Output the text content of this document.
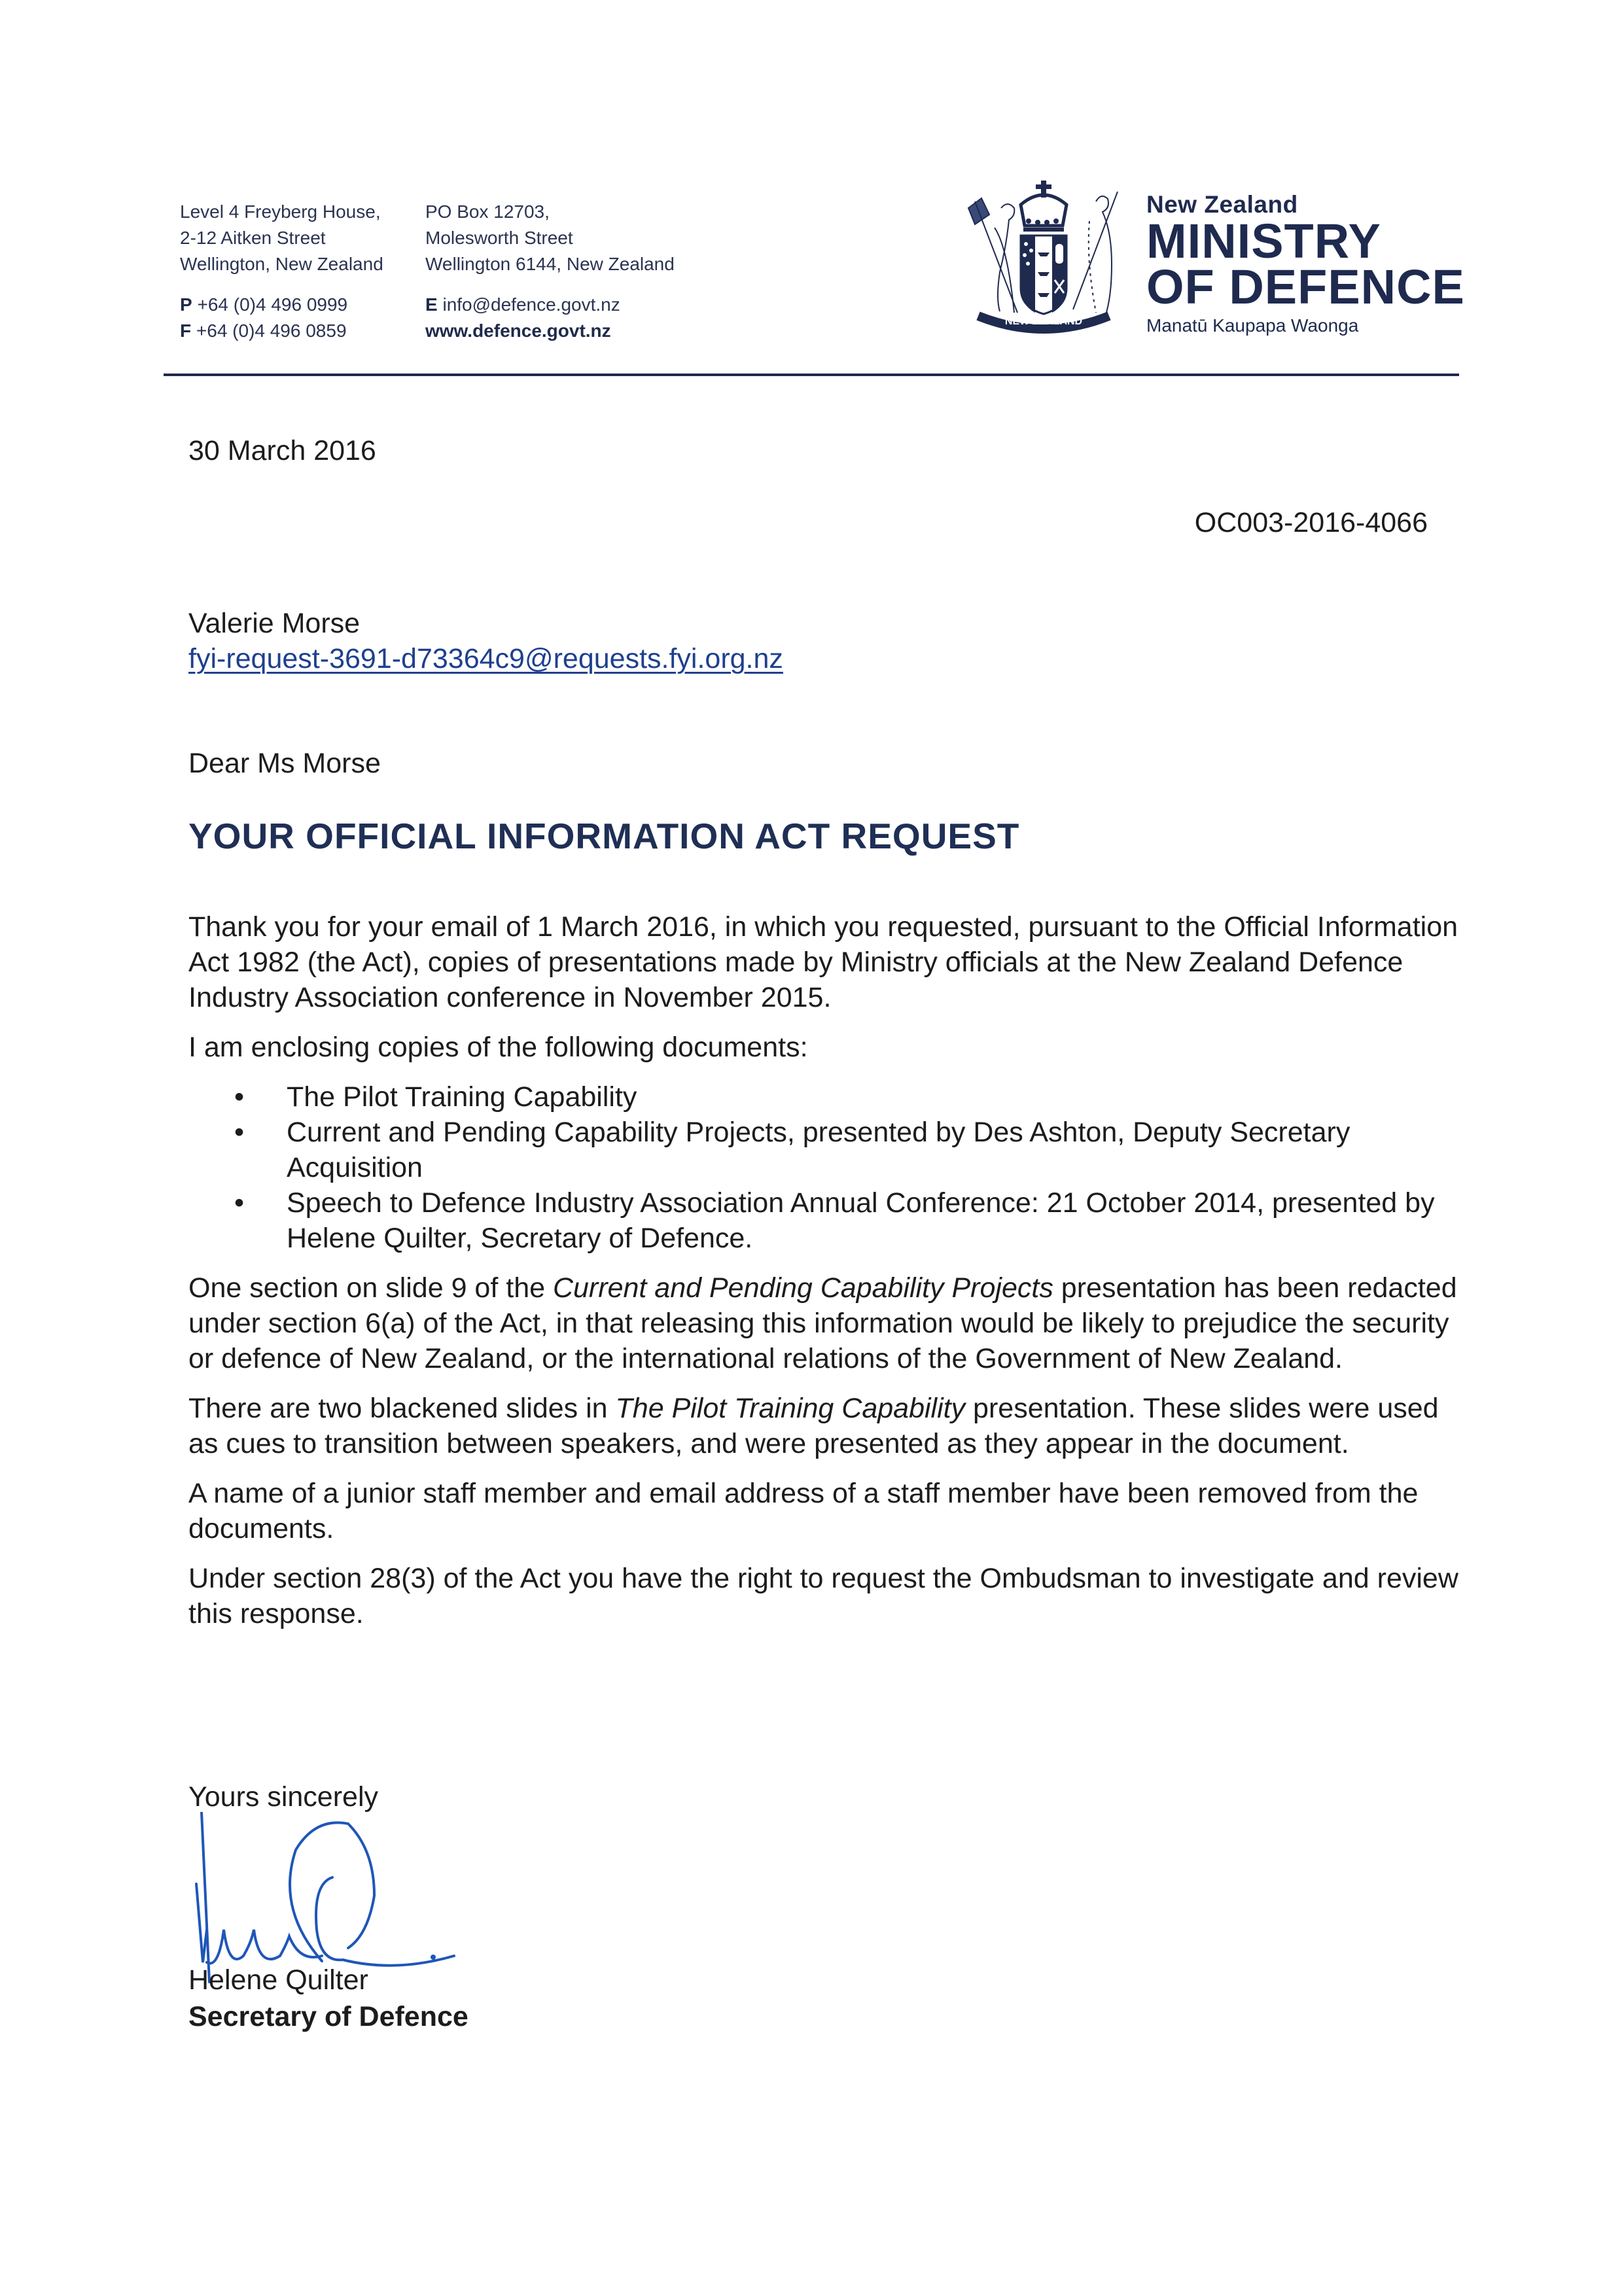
Level 4 Freyberg House,
2-12 Aitken Street
Wellington, New Zealand
P +64 (0)4 496 0999
F +64 (0)4 496 0859
PO Box 12703,
Molesworth Street
Wellington 6144, New Zealand
E info@defence.govt.nz
www.defence.govt.nz	NEW ZEALAND
New Zealand
MINISTRY
OF DEFENCE
Manatū Kaupapa Waonga
30 March 2016
OC003-2016-4066
Valerie Morse
fyi-request-3691-d73364c9@requests.fyi.org.nz
Dear Ms Morse
YOUR OFFICIAL INFORMATION ACT REQUEST

Thank you for your email of 1 March 2016, in which you requested, pursuant to the Official Information Act 1982 (the Act), copies of presentations made by Ministry officials at the New Zealand Defence Industry Association conference in November 2015.

I am enclosing copies of the following documents:

• The Pilot Training Capability
• Current and Pending Capability Projects, presented by Des Ashton, Deputy Secretary Acquisition
• Speech to Defence Industry Association Annual Conference: 21 October 2014, presented by Helene Quilter, Secretary of Defence.

One section on slide 9 of the Current and Pending Capability Projects presentation has been redacted under section 6(a) of the Act, in that releasing this information would be likely to prejudice the security or defence of New Zealand, or the international relations of the Government of New Zealand.

There are two blackened slides in The Pilot Training Capability presentation. These slides were used as cues to transition between speakers, and were presented as they appear in the document.

A name of a junior staff member and email address of a staff member have been removed from the documents.

Under section 28(3) of the Act you have the right to request the Ombudsman to investigate and review this response.

Yours sincerely
Helene Quilter
Secretary of Defence
